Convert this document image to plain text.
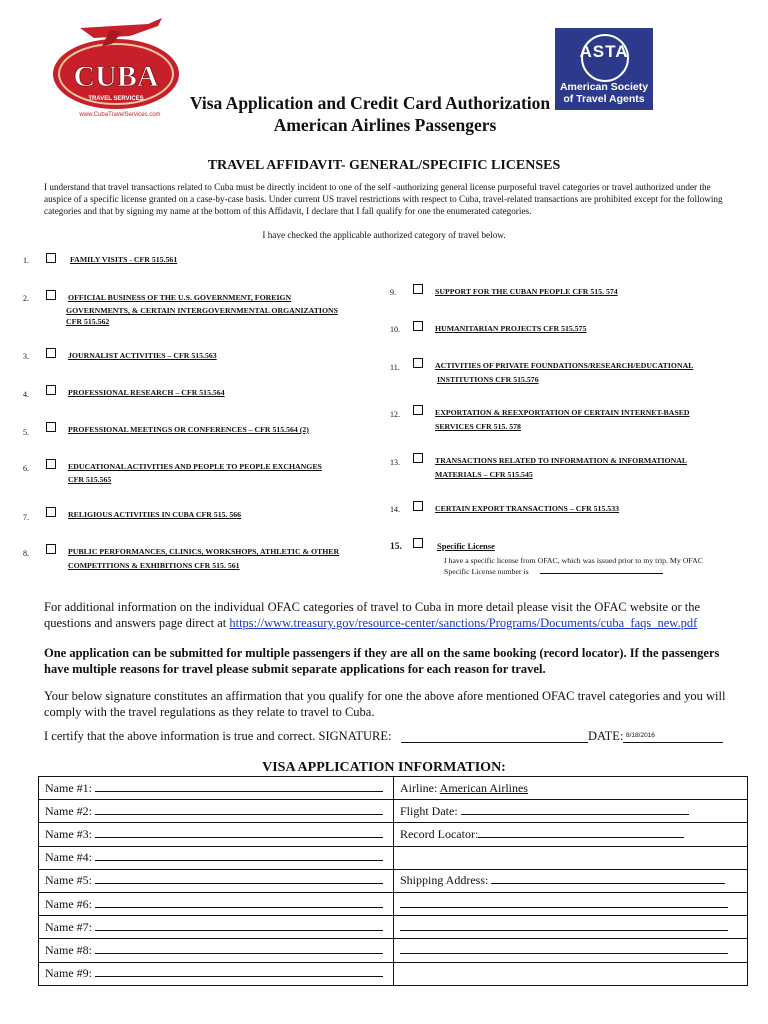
CUBA
TRAVEL SERVICES
www.CubaTravelServices.com
ASTA
American Society
of Travel Agents
Visa Application and Credit Card Authorization
American Airlines Passengers
TRAVEL AFFIDAVIT- GENERAL/SPECIFIC LICENSES
I understand that travel transactions related to Cuba must be directly incident to one of the self -authorizing general license purposeful travel categories or travel authorized under the auspice of a specific license granted on a case-by-case basis. Under current US travel restrictions with respect to Cuba, travel-related transactions are prohibited except for the following categories and that by signing my name at the bottom of this Affidavit, I declare that I fall qualify for one the enumerated categories.
I have checked the applicable authorized category of travel below.
1.	FAMILY VISITS - CFR 515.561
2.	OFFICIAL BUSINESS OF THE U.S. GOVERNMENT, FOREIGN
GOVERNMENTS, & CERTAIN INTERGOVERNMENTAL ORGANIZATIONS
CFR 515.562
3.	JOURNALIST ACTIVITIES – CFR 515.563
4.	PROFESSIONAL RESEARCH – CFR 515.564
5.	PROFESSIONAL MEETINGS OR CONFERENCES – CFR 515.564 (2)
6.	EDUCATIONAL ACTIVITIES AND PEOPLE TO PEOPLE EXCHANGES
CFR 515.565
7.	RELIGIOUS ACTIVITIES IN CUBA CFR 515. 566
8.	PUBLIC PERFORMANCES, CLINICS, WORKSHOPS, ATHLETIC & OTHER
COMPETITIONS & EXHIBITIONS CFR 515. 561
9.	SUPPORT FOR THE CUBAN PEOPLE CFR 515. 574
10.	HUMANITARIAN PROJECTS CFR 515.575
11.	ACTIVITIES OF PRIVATE FOUNDATIONS/RESEARCH/EDUCATIONAL
INSTITUTIONS CFR 515.576
12.	EXPORTATION & REEXPORTATION OF CERTAIN INTERNET-BASED
SERVICES CFR 515. 578
13.	TRANSACTIONS RELATED TO INFORMATION & INFORMATIONAL
MATERIALS – CFR 515.545
14.	CERTAIN EXPORT TRANSACTIONS – CFR 515.533
15.	Specific License
I have a specific license from OFAC, which was issued prior to my trip. My OFAC
Specific License number is
For additional information on the individual OFAC categories of travel to Cuba in more detail please visit the OFAC website or the questions and answers page direct at https://www.treasury.gov/resource-center/sanctions/Programs/Documents/cuba_faqs_new.pdf
One application can be submitted for multiple passengers if they are all on the same booking (record locator). If the passengers have multiple reasons for travel please submit separate applications for each reason for travel.
Your below signature constitutes an affirmation that you qualify for one the above afore mentioned OFAC travel categories and you will comply with the travel regulations as they relate to travel to Cuba.
I certify that the above information is true and correct. SIGNATURE:	DATE: 8/18/2016
VISA APPLICATION INFORMATION:
Name #1:	Airline: American Airlines
Name #2:	Flight Date:
Name #3:	Record Locator:
Name #4:	
Name #5:	Shipping Address:
Name #6:	
Name #7:	
Name #8:	
Name #9:	
